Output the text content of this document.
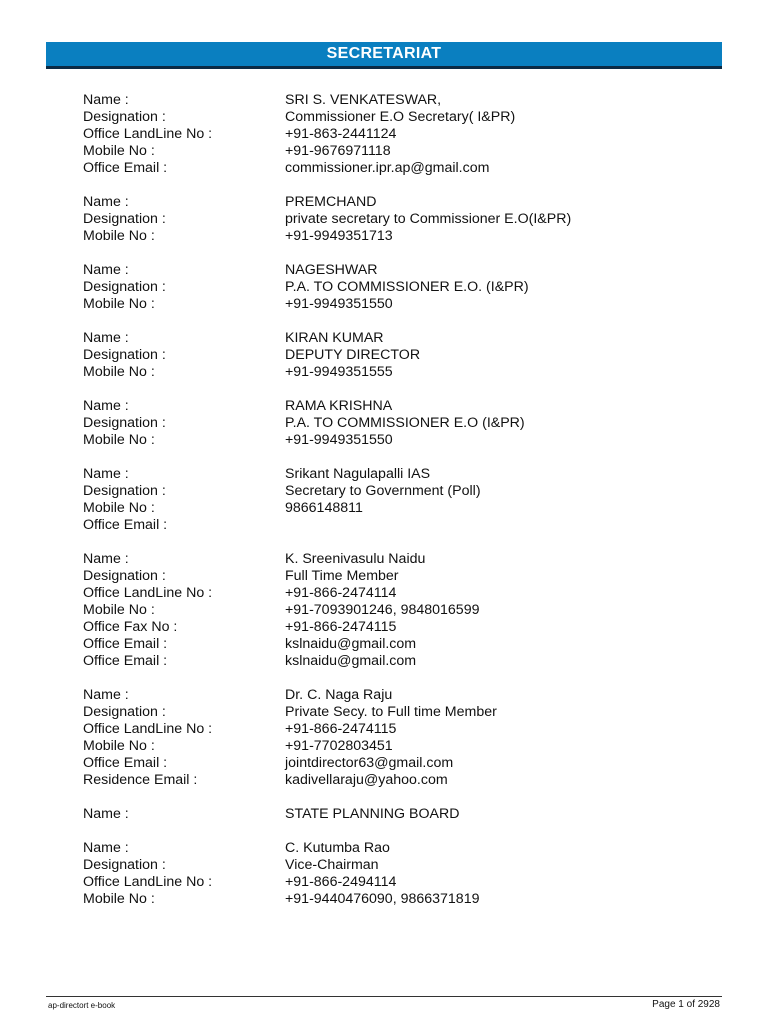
SECRETARIAT
Name :	SRI S. VENKATESWAR,
Designation :	Commissioner E.O Secretary( I&PR)
Office LandLine No :	+91-863-2441124
Mobile No :	+91-9676971118
Office Email :	commissioner.ipr.ap@gmail.com
Name :	PREMCHAND
Designation :	private secretary to Commissioner E.O(I&PR)
Mobile No :	+91-9949351713
Name :	NAGESHWAR
Designation :	P.A. TO COMMISSIONER E.O. (I&PR)
Mobile No :	+91-9949351550
Name :	KIRAN KUMAR
Designation :	DEPUTY DIRECTOR
Mobile No :	+91-9949351555
Name :	RAMA KRISHNA
Designation :	P.A. TO COMMISSIONER E.O (I&PR)
Mobile No :	+91-9949351550
Name :	Srikant Nagulapalli IAS
Designation :	Secretary to Government (Poll)
Mobile No :	9866148811
Office Email :
Name :	K. Sreenivasulu Naidu
Designation :	Full Time Member
Office LandLine No :	+91-866-2474114
Mobile No :	+91-7093901246, 9848016599
Office Fax No :	+91-866-2474115
Office Email :	kslnaidu@gmail.com
Office Email :	kslnaidu@gmail.com
Name :	Dr. C. Naga Raju
Designation :	Private Secy. to Full time Member
Office LandLine No :	+91-866-2474115
Mobile No :	+91-7702803451
Office Email :	jointdirector63@gmail.com
Residence Email :	kadivellaraju@yahoo.com
Name :	STATE PLANNING BOARD
Name :	C. Kutumba Rao
Designation :	Vice-Chairman
Office LandLine No :	+91-866-2494114
Mobile No :	+91-9440476090, 9866371819
ap-directort e-book	Page 1 of 2928
